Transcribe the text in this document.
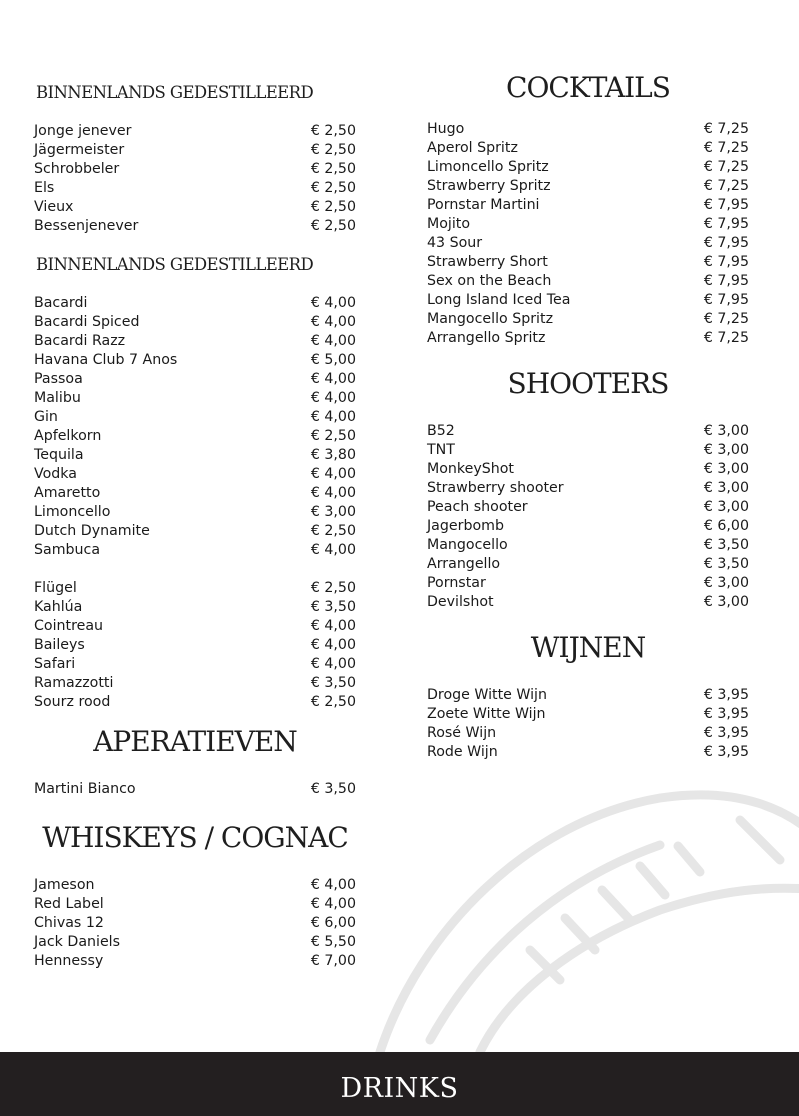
BINNENLANDS GEDESTILLEERD
Jonge jenever	€ 2,50
Jägermeister	€ 2,50
Schrobbeler	€ 2,50
Els	€ 2,50
Vieux	€ 2,50
Bessenjenever	€ 2,50
BINNENLANDS GEDESTILLEERD
Bacardi	€ 4,00
Bacardi Spiced	€ 4,00
Bacardi Razz	€ 4,00
Havana Club 7 Anos	€ 5,00
Passoa	€ 4,00
Malibu	€ 4,00
Gin	€ 4,00
Apfelkorn	€ 2,50
Tequila	€ 3,80
Vodka	€ 4,00
Amaretto	€ 4,00
Limoncello	€ 3,00
Dutch Dynamite	€ 2,50
Sambuca	€ 4,00
Flügel	€ 2,50
Kahlúa	€ 3,50
Cointreau	€ 4,00
Baileys	€ 4,00
Safari	€ 4,00
Ramazzotti	€ 3,50
Sourz rood	€ 2,50
APERATIEVEN
Martini Bianco	€ 3,50
WHISKEYS / COGNAC
Jameson	€ 4,00
Red Label	€ 4,00
Chivas 12	€ 6,00
Jack Daniels	€ 5,50
Hennessy	€ 7,00
COCKTAILS
Hugo	€ 7,25
Aperol Spritz	€ 7,25
Limoncello Spritz	€ 7,25
Strawberry Spritz	€ 7,25
Pornstar Martini	€ 7,95
Mojito	€ 7,95
43 Sour	€ 7,95
Strawberry Short	€ 7,95
Sex on the Beach	€ 7,95
Long Island Iced Tea	€ 7,95
Mangocello Spritz	€ 7,25
Arrangello Spritz	€ 7,25
SHOOTERS
B52	€ 3,00
TNT	€ 3,00
MonkeyShot	€ 3,00
Strawberry shooter	€ 3,00
Peach shooter	€ 3,00
Jagerbomb	€ 6,00
Mangocello	€ 3,50
Arrangello	€ 3,50
Pornstar	€ 3,00
Devilshot	€ 3,00
WIJNEN
Droge Witte Wijn	€ 3,95
Zoete Witte Wijn	€ 3,95
Rosé Wijn	€ 3,95
Rode Wijn	€ 3,95
DRINKS
